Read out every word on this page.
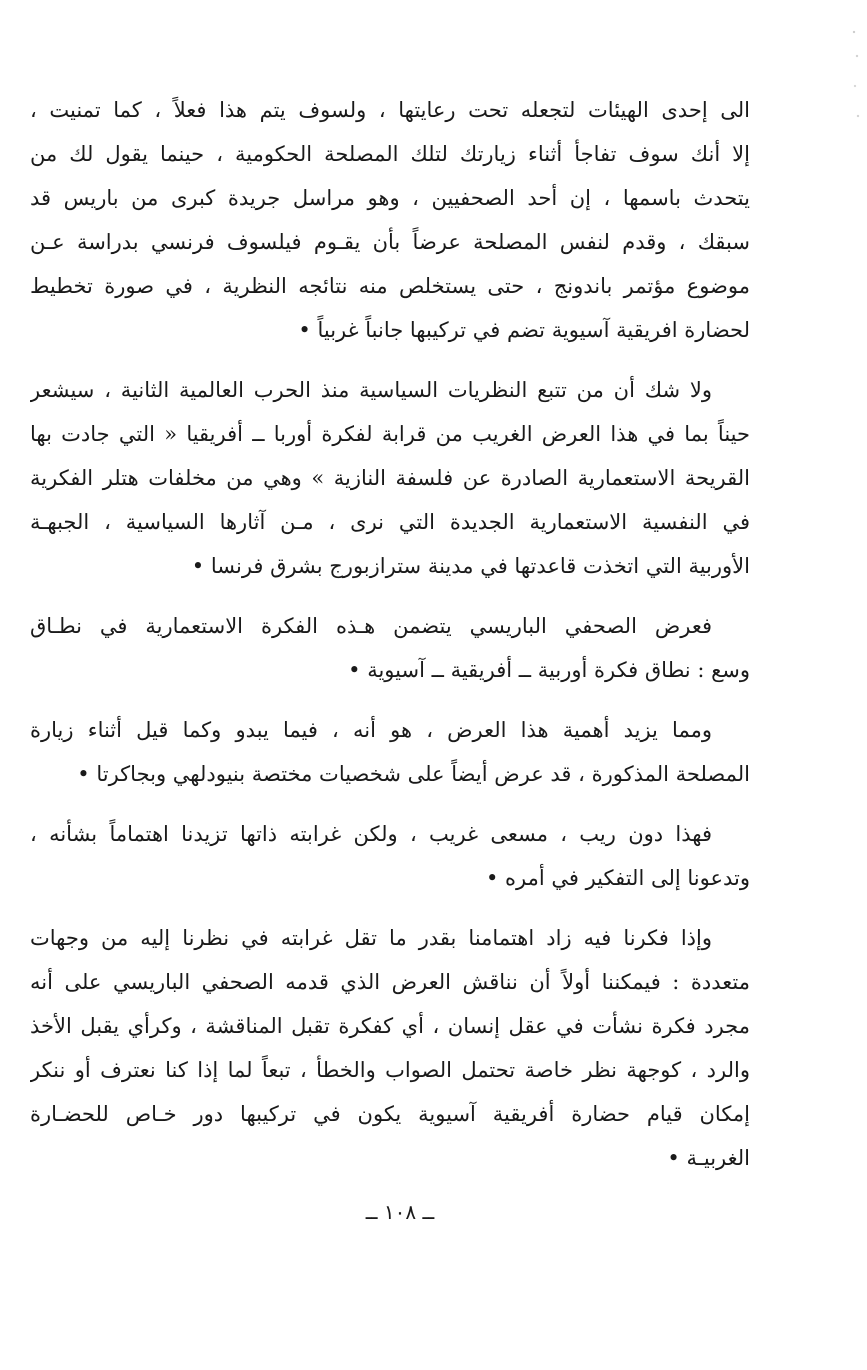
الى إحدى الهيئات لتجعله تحت رعايتها ، ولسوف يتم هذا فعلاً ، كما تمنيت ،
إلا أنك سوف تفاجأ أثناء زيارتك لتلك المصلحة الحكومية ، حينما يقول لك من
يتحدث باسمها ، إن أحد الصحفيين ، وهو مراسل جريدة كبرى من باريس قد
سبقك ، وقدم لنفس المصلحة عرضاً بأن يقـوم فيلسوف فرنسي بدراسة عـن
موضوع مؤتمر باندونج ، حتى يستخلص منه نتائجه النظرية ، في صورة تخطيط
لحضارة افريقية آسيوية تضم في تركيبها جانباً غربياً •
ولا شك أن من تتبع النظريات السياسية منذ الحرب العالمية الثانية ، سيشعر
حيناً بما في هذا العرض الغريب من قرابة لفكرة أوربا ــ أفريقيا « التي جادت بها
القريحة الاستعمارية الصادرة عن فلسفة النازية » وهي من مخلفات هتلر الفكرية
في النفسية الاستعمارية الجديدة التي نرى ، مـن آثارها السياسية ، الجبهـة
الأوربية التي اتخذت قاعدتها في مدينة سترازبورج بشرق فرنسا •
فعرض الصحفي الباريسي يتضمن هـذه الفكرة الاستعمارية في نطـاق
وسع : نطاق فكرة أوربية ــ أفريقية ــ آسيوية •
ومما يزيد أهمية هذا العرض ، هو أنه ، فيما يبدو وكما قيل أثناء زيارة
المصلحة المذكورة ، قد عرض أيضاً على شخصيات مختصة بنيودلهي وبجاكرتا •
فهذا دون ريب ، مسعى غريب ، ولكن غرابته ذاتها تزيدنا اهتماماً بشأنه ،
وتدعونا إلى التفكير في أمره •
وإذا فكرنا فيه زاد اهتمامنا بقدر ما تقل غرابته في نظرنا إليه من وجهات
متعددة : فيمكننا أولاً أن نناقش العرض الذي قدمه الصحفي الباريسي على أنه
مجرد فكرة نشأت في عقل إنسان ، أي كفكرة تقبل المناقشة ، وكرأي يقبل الأخذ
والرد ، كوجهة نظر خاصة تحتمل الصواب والخطأ ، تبعاً لما إذا كنا نعترف أو ننكر
إمكان قيام حضارة أفريقية آسيوية يكون في تركيبها دور خـاص للحضـارة
الغربيـة •
ــ ١٠٨ ــ
